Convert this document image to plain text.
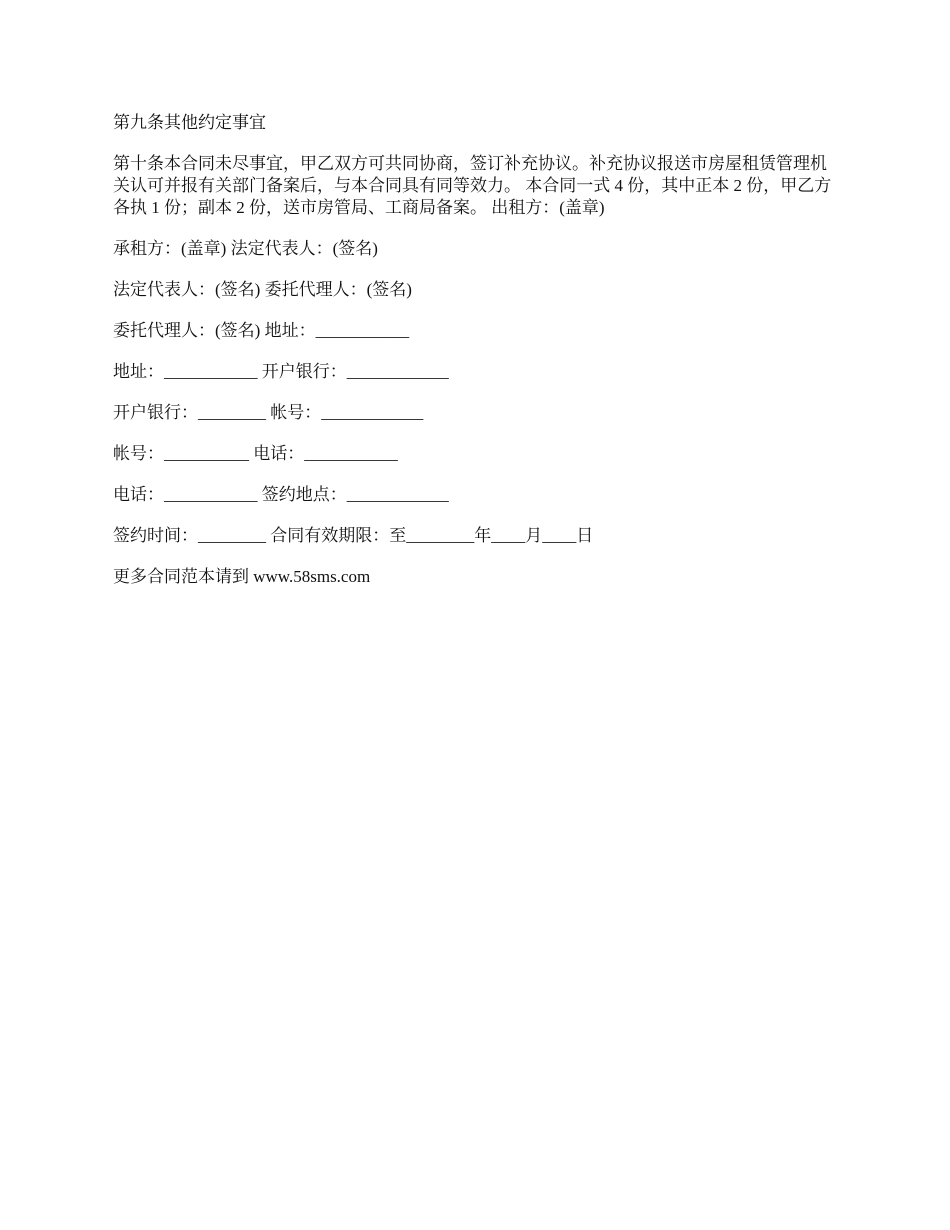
第九条其他约定事宜

第十条本合同未尽事宜，甲乙双方可共同协商，签订补充协议。补充协议报送市房屋租赁管理机关认可并报有关部门备案后，与本合同具有同等效力。 本合同一式 4 份，其中正本 2 份，甲乙方各执 1 份；副本 2 份，送市房管局、工商局备案。 出租方：(盖章)

承租方：(盖章) 法定代表人：(签名)

法定代表人：(签名) 委托代理人：(签名)

委托代理人：(签名) 地址：___________

地址：___________ 开户银行：____________

开户银行：________ 帐号：____________

帐号：__________ 电话：___________

电话：___________ 签约地点：____________

签约时间：________ 合同有效期限：至________年____月____日

更多合同范本请到 www.58sms.com
